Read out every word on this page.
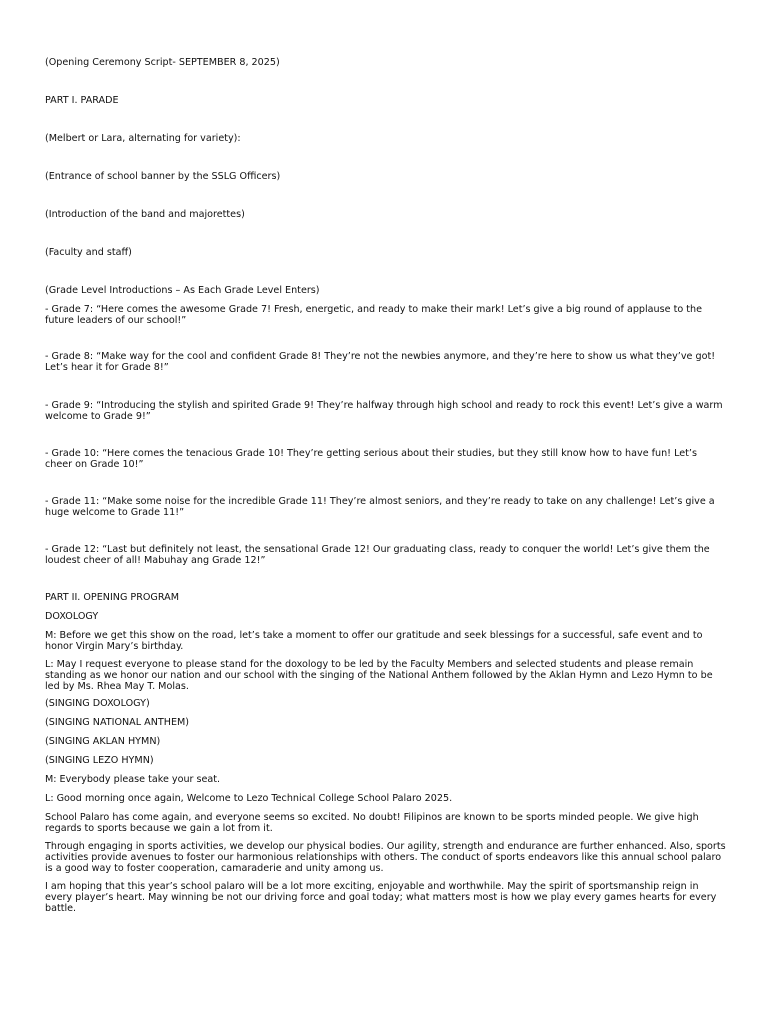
(Opening Ceremony Script- SEPTEMBER 8, 2025)

PART I. PARADE

(Melbert or Lara, alternating for variety):

(Entrance of school banner by the SSLG Officers)

(Introduction of the band and majorettes)

(Faculty and staff)

(Grade Level Introductions – As Each Grade Level Enters)

- Grade 7: “Here comes the awesome Grade 7! Fresh, energetic, and ready to make their mark! Let’s give a big round of applause to the future leaders of our school!”

- Grade 8: “Make way for the cool and confident Grade 8! They’re not the newbies anymore, and they’re here to show us what they’ve got! Let’s hear it for Grade 8!”

- Grade 9: “Introducing the stylish and spirited Grade 9! They’re halfway through high school and ready to rock this event! Let’s give a warm welcome to Grade 9!”

- Grade 10: “Here comes the tenacious Grade 10! They’re getting serious about their studies, but they still know how to have fun! Let’s cheer on Grade 10!”

- Grade 11: “Make some noise for the incredible Grade 11! They’re almost seniors, and they’re ready to take on any challenge! Let’s give a huge welcome to Grade 11!”

- Grade 12: “Last but definitely not least, the sensational Grade 12! Our graduating class, ready to conquer the world! Let’s give them the loudest cheer of all! Mabuhay ang Grade 12!”

PART II. OPENING PROGRAM

DOXOLOGY

M: Before we get this show on the road, let’s take a moment to offer our gratitude and seek blessings for a successful, safe event and to honor Virgin Mary’s birthday.

L: May I request everyone to please stand for the doxology to be led by the Faculty Members and selected students and please remain standing as we honor our nation and our school with the singing of the National Anthem followed by the Aklan Hymn and Lezo Hymn to be led by Ms. Rhea May T. Molas.

(SINGING DOXOLOGY)

(SINGING NATIONAL ANTHEM)

(SINGING AKLAN HYMN)

(SINGING LEZO HYMN)

M: Everybody please take your seat.

L: Good morning once again, Welcome to Lezo Technical College School Palaro 2025.

School Palaro has come again, and everyone seems so excited. No doubt! Filipinos are known to be sports minded people. We give high regards to sports because we gain a lot from it.

Through engaging in sports activities, we develop our physical bodies. Our agility, strength and endurance are further enhanced. Also, sports activities provide avenues to foster our harmonious relationships with others. The conduct of sports endeavors like this annual school palaro is a good way to foster cooperation, camaraderie and unity among us.

I am hoping that this year’s school palaro will be a lot more exciting, enjoyable and worthwhile. May the spirit of sportsmanship reign in every player’s heart. May winning be not our driving force and goal today; what matters most is how we play every games hearts for every battle.
